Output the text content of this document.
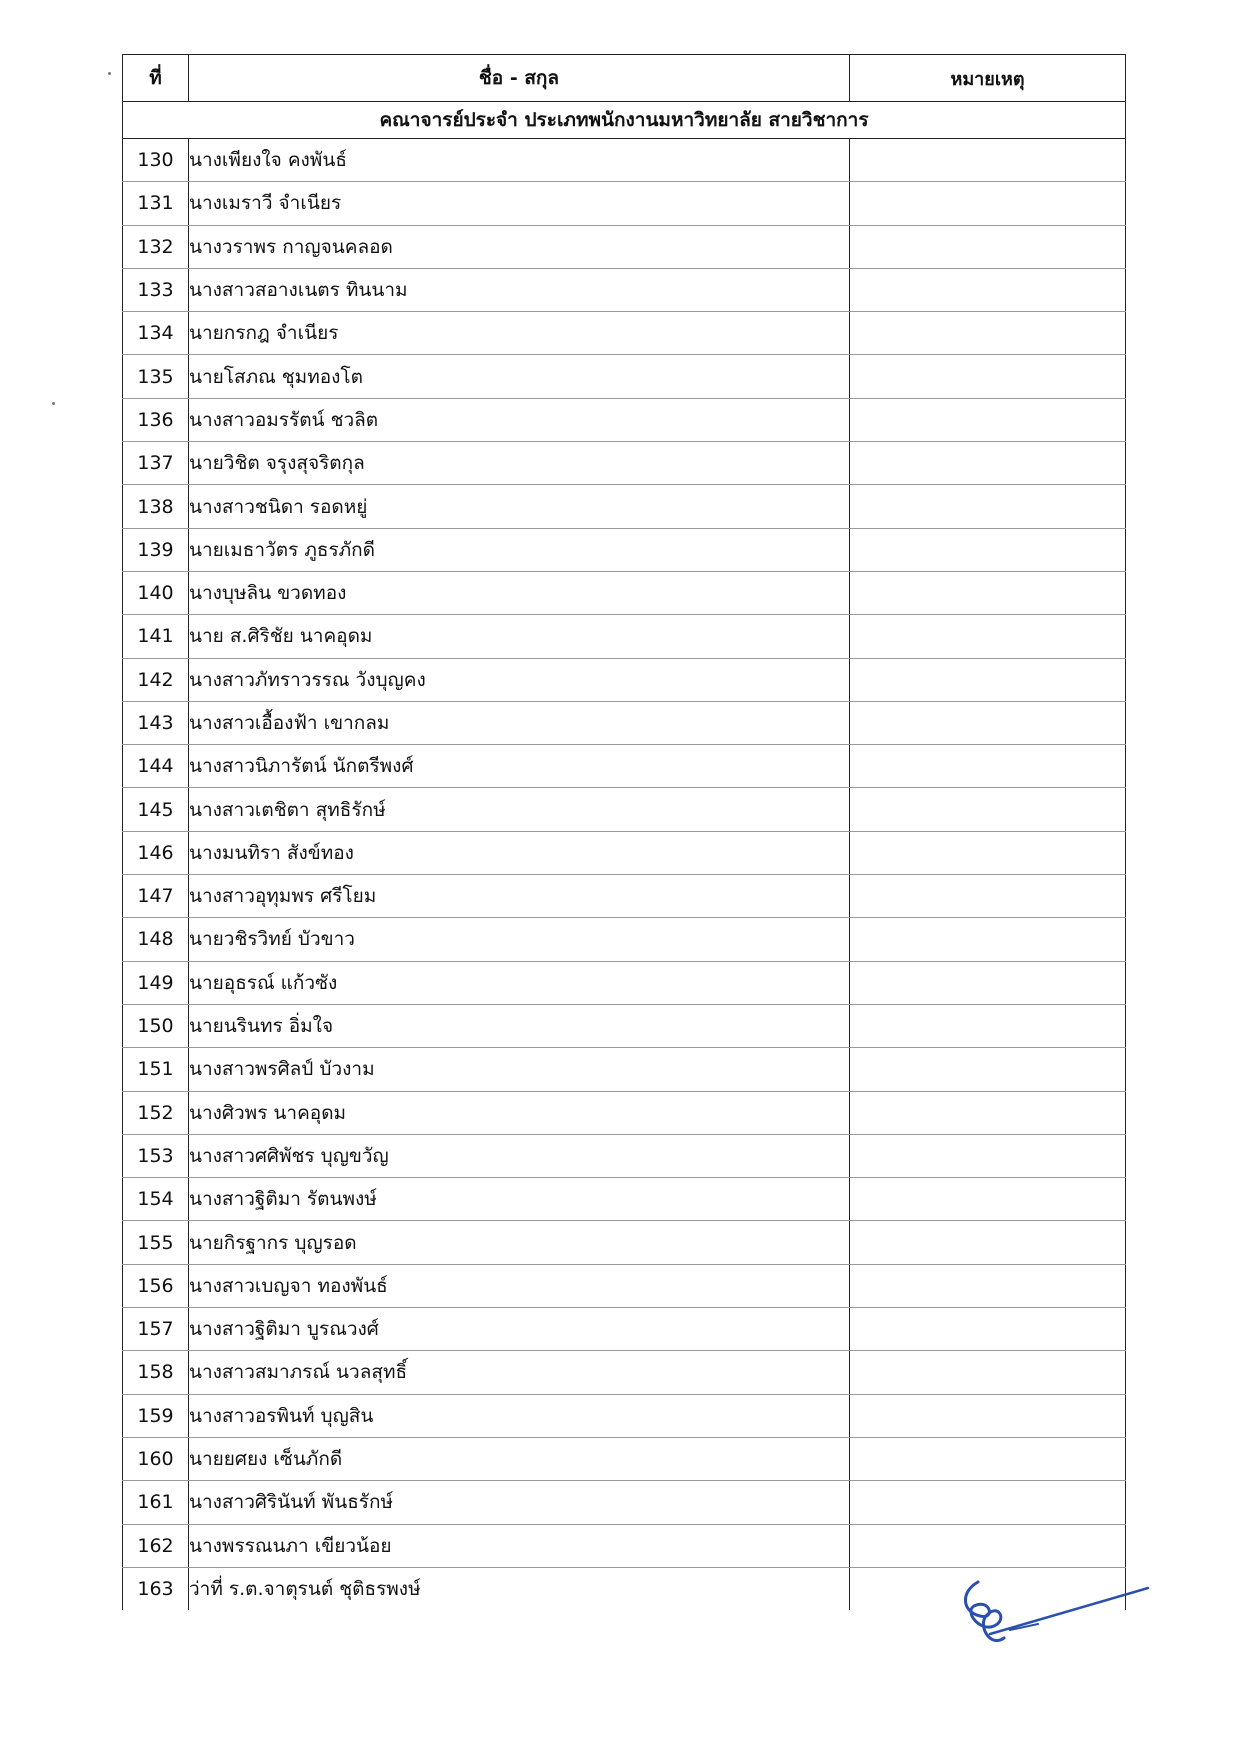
ที่	ชื่อ - สกุล	หมายเหตุ
คณาจารย์ประจำ ประเภทพนักงานมหาวิทยาลัย สายวิชาการ		
130	นางเพียงใจ คงพันธ์	
131	นางเมราวี จำเนียร	
132	นางวราพร กาญจนคลอด	
133	นางสาวสอางเนตร ทินนาม	
134	นายกรกฎ จำเนียร	
135	นายโสภณ ชุมทองโต	
136	นางสาวอมรรัตน์ ชวลิต	
137	นายวิชิต จรุงสุจริตกุล	
138	นางสาวชนิดา รอดหยู่	
139	นายเมธาวัตร ภูธรภักดี	
140	นางบุษลิน ขวดทอง	
141	นาย ส.ศิริชัย นาคอุดม	
142	นางสาวภัทราวรรณ วังบุญคง	
143	นางสาวเอื้องฟ้า เขากลม	
144	นางสาวนิภารัตน์ นักตรีพงศ์	
145	นางสาวเตชิตา สุทธิรักษ์	
146	นางมนทิรา สังข์ทอง	
147	นางสาวอุทุมพร ศรีโยม	
148	นายวชิรวิทย์ บัวขาว	
149	นายอุธรณ์ แก้วซัง	
150	นายนรินทร อิ่มใจ	
151	นางสาวพรศิลป์ บัวงาม	
152	นางศิวพร นาคอุดม	
153	นางสาวศศิพัชร บุญขวัญ	
154	นางสาวฐิติมา รัตนพงษ์	
155	นายกิรฐากร บุญรอด	
156	นางสาวเบญจา ทองพันธ์	
157	นางสาวฐิติมา บูรณวงศ์	
158	นางสาวสมาภรณ์ นวลสุทธิ์	
159	นางสาวอรพินท์ บุญสิน	
160	นายยศยง เซ็นภักดี	
161	นางสาวศิรินันท์ พันธรักษ์	
162	นางพรรณนภา เขียวน้อย	
163	ว่าที่ ร.ต.จาตุรนต์ ชุติธรพงษ์	
